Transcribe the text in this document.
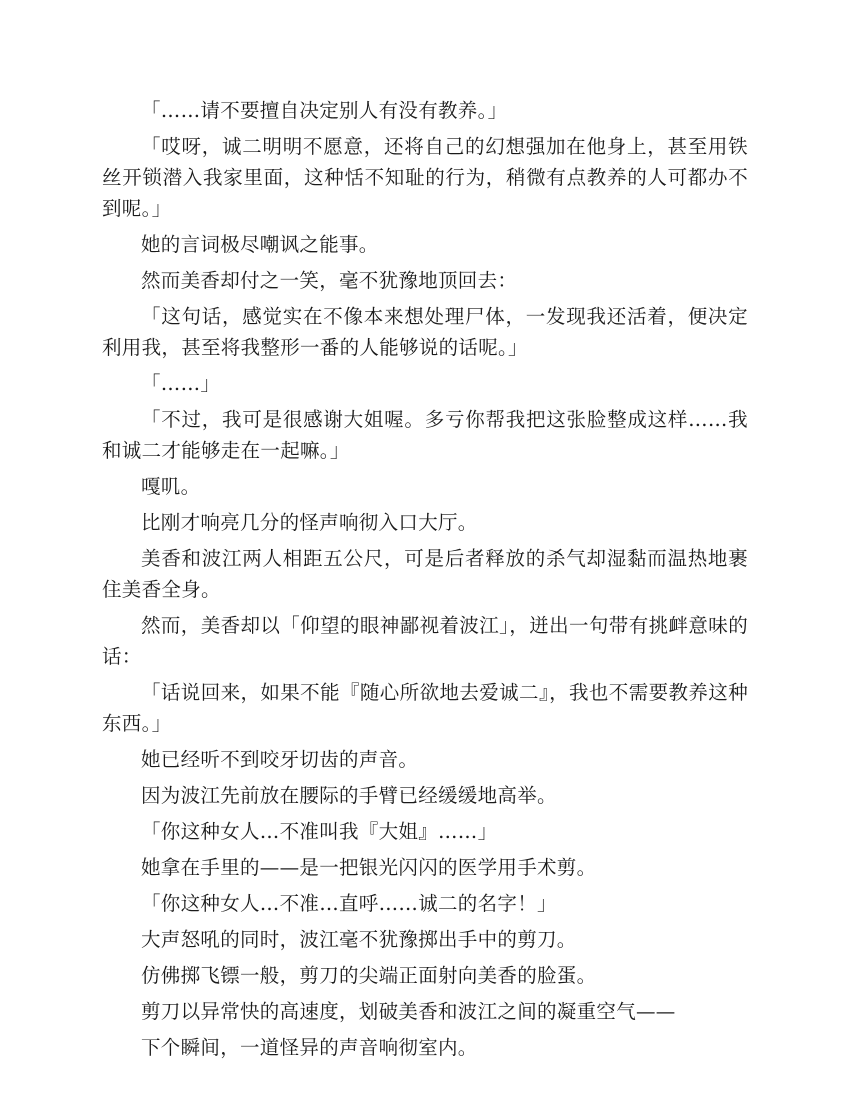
「……请不要擅自决定别人有没有教养。」

「哎呀，诚二明明不愿意，还将自己的幻想强加在他身上，甚至用铁丝开锁潜入我家里面，这种恬不知耻的行为，稍微有点教养的人可都办不到呢。」

她的言词极尽嘲讽之能事。

然而美香却付之一笑，毫不犹豫地顶回去：

「这句话，感觉实在不像本来想处理尸体，一发现我还活着，便决定利用我，甚至将我整形一番的人能够说的话呢。」

「……」

「不过，我可是很感谢大姐喔。多亏你帮我把这张脸整成这样……我和诚二才能够走在一起嘛。」

嘎叽。

比刚才响亮几分的怪声响彻入口大厅。

美香和波江两人相距五公尺，可是后者释放的杀气却湿黏而温热地裹住美香全身。

然而，美香却以「仰望的眼神鄙视着波江」，迸出一句带有挑衅意味的话：

「话说回来，如果不能『随心所欲地去爱诚二』，我也不需要教养这种东西。」

她已经听不到咬牙切齿的声音。

因为波江先前放在腰际的手臂已经缓缓地高举。

「你这种女人…不准叫我『大姐』……」

她拿在手里的——是一把银光闪闪的医学用手术剪。

「你这种女人…不准…直呼……诚二的名字！」

大声怒吼的同时，波江毫不犹豫掷出手中的剪刀。

仿佛掷飞镖一般，剪刀的尖端正面射向美香的脸蛋。

剪刀以异常快的高速度，划破美香和波江之间的凝重空气——

下个瞬间，一道怪异的声音响彻室内。
